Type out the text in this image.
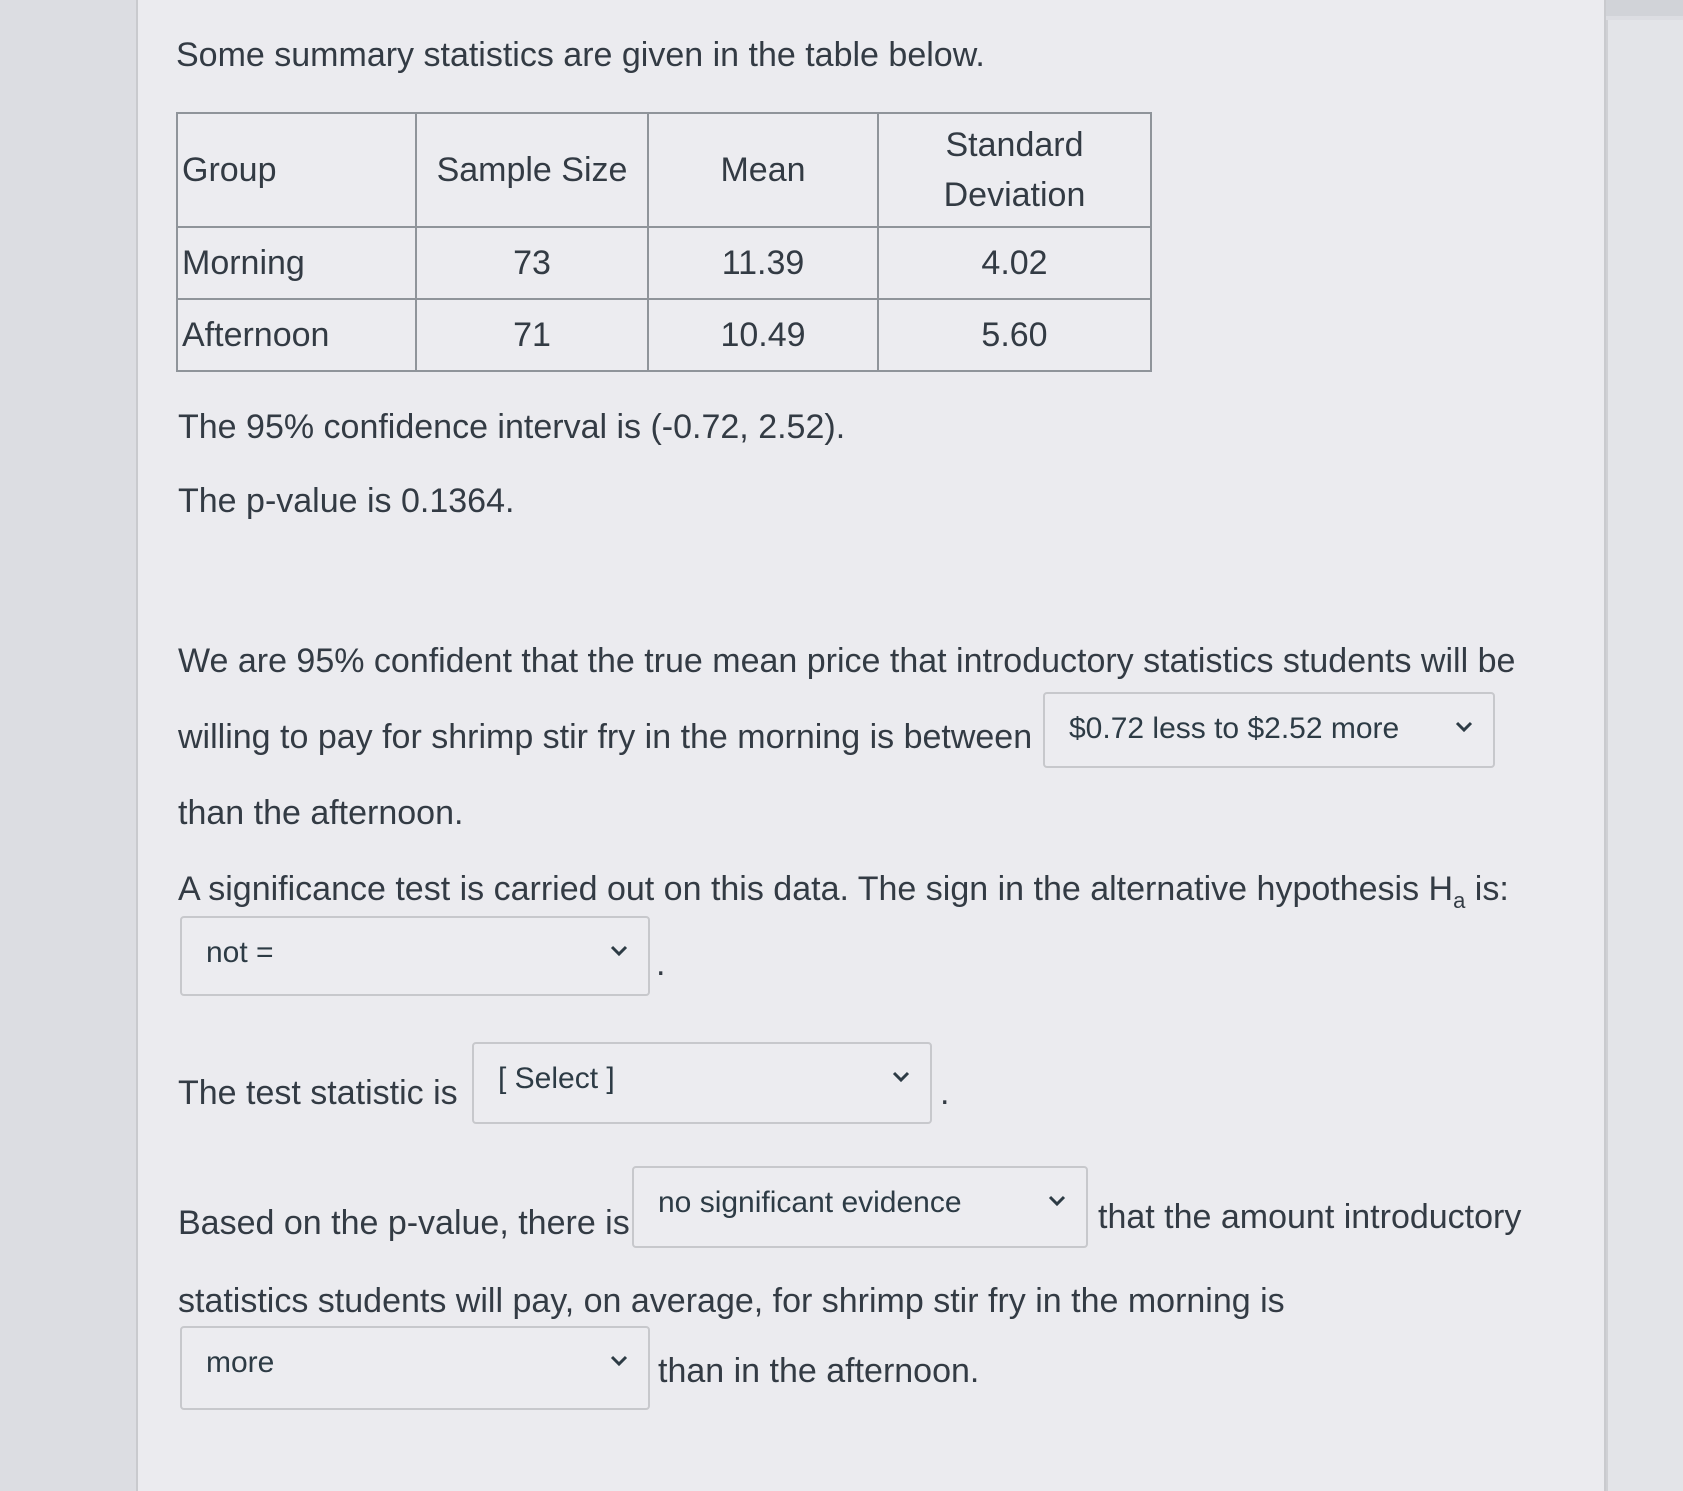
Some summary statistics are given in the table below.
Group	Sample Size	Mean	Standard
Deviation
Morning	73	11.39	4.02
Afternoon	71	10.49	5.60
The 95% confidence interval is (-0.72, 2.52).
The p-value is 0.1364.
We are 95% confident that the true mean price that introductory statistics students will be
willing to pay for shrimp stir fry in the morning is between $0.72 less to $2.52 more
than the afternoon.
A significance test is carried out on this data. The sign in the alternative hypothesis $H_a$ is:
not =	.
The test statistic is [ Select ]	.
Based on the p-value, there is
no significant evidence	that the amount introductory
statistics students will pay, on average, for shrimp stir fry in the morning is
more	than in the afternoon.
